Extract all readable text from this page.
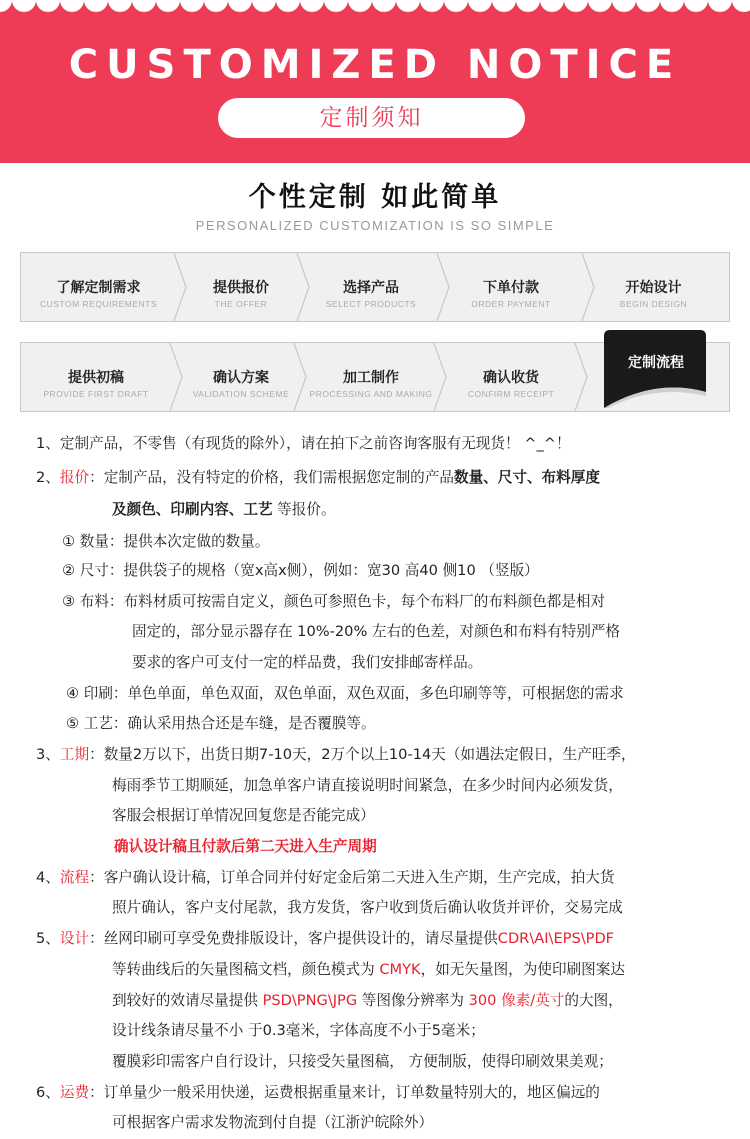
CUSTOMIZED NOTICE
定制须知
个性定制 如此简单
PERSONALIZED CUSTOMIZATION IS SO SIMPLE
了解定制需求
CUSTOM REQUIREMENTS
提供报价
THE OFFER
选择产品
SELECT PRODUCTS
下单付款
ORDER PAYMENT
开始设计
BEGIN DESIGN
提供初稿
PROVIDE FIRST DRAFT
确认方案
VALIDATION SCHEME
加工制作
PROCESSING AND MAKING
确认收货
CONFIRM RECEIPT
定制流程
1、定制产品，不零售（有现货的除外），请在拍下之前咨询客服有无现货！ ^_^！
2、报价：定制产品，没有特定的价格，我们需根据您定制的产品数量、尺寸、布料厚度
及颜色、印刷内容、工艺 等报价。
① 数量：提供本次定做的数量。
② 尺寸：提供袋子的规格（宽x高x侧），例如：宽30 高40 侧10 （竖版）
③ 布料：布料材质可按需自定义，颜色可参照色卡，每个布料厂的布料颜色都是相对
固定的，部分显示器存在 10%-20% 左右的色差，对颜色和布料有特别严格
要求的客户可支付一定的样品费，我们安排邮寄样品。
④ 印刷：单色单面，单色双面，双色单面，双色双面，多色印刷等等，可根据您的需求
⑤ 工艺：确认采用热合还是车缝，是否覆膜等。
3、工期：数量2万以下，出货日期7-10天，2万个以上10-14天（如遇法定假日，生产旺季，
梅雨季节工期顺延，加急单客户请直接说明时间紧急，在多少时间内必须发货，
客服会根据订单情况回复您是否能完成）
确认设计稿且付款后第二天进入生产周期
4、流程：客户确认设计稿，订单合同并付好定金后第二天进入生产期，生产完成，拍大货
照片确认，客户支付尾款，我方发货，客户收到货后确认收货并评价，交易完成
5、设计：丝网印刷可享受免费排版设计，客户提供设计的，请尽量提供CDR\AI\EPS\PDF
等转曲线后的矢量图稿文档，颜色模式为 CMYK，如无矢量图，为使印刷图案达
到较好的效请尽量提供 PSD\PNG\JPG 等图像分辨率为 300 像素/英寸的大图，
设计线条请尽量不小 于0.3毫米，字体高度不小于5毫米；
覆膜彩印需客户自行设计，只接受矢量图稿， 方便制版，使得印刷效果美观；
6、运费：订单量少一般采用快递，运费根据重量来计，订单数量特别大的，地区偏远的
可根据客户需求发物流到付自提（江浙沪皖除外）
